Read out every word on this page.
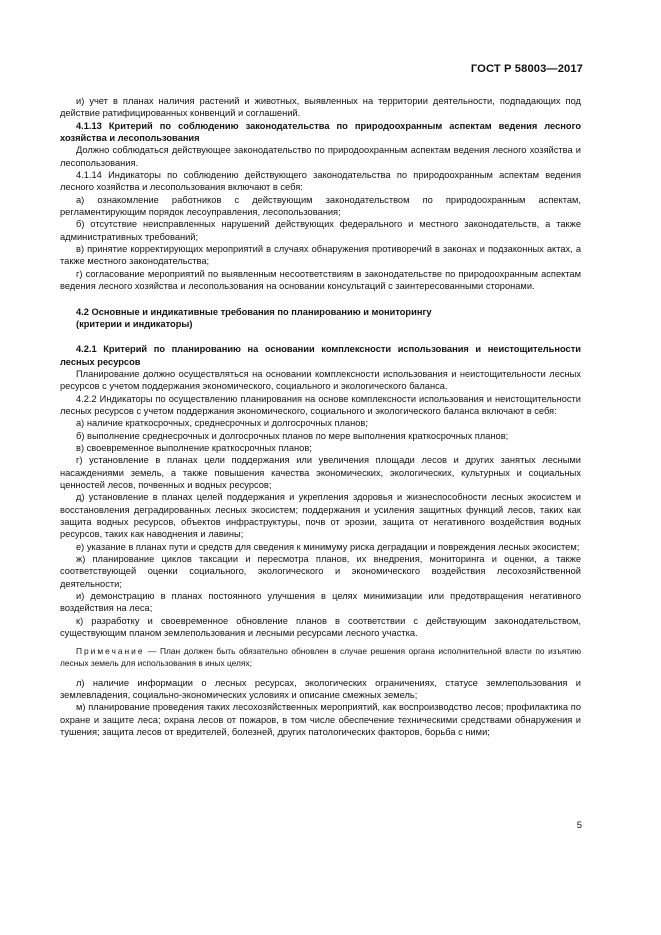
ГОСТ Р 58003—2017

и) учет в планах наличия растений и животных, выявленных на территории деятельности, подпадающих под действие ратифицированных конвенций и соглашений.

4.1.13 Критерий по соблюдению законодательства по природоохранным аспектам ведения лесного хозяйства и лесопользования

Должно соблюдаться действующее законодательство по природоохранным аспектам ведения лесного хозяйства и лесопользования.

4.1.14 Индикаторы по соблюдению действующего законодательства по природоохранным аспектам ведения лесного хозяйства и лесопользования включают в себя:

а) ознакомление работников с действующим законодательством по природоохранным аспектам, регламентирующим порядок лесоуправления, лесопользования;

б) отсутствие неисправленных нарушений действующих федерального и местного законодательств, а также административных требований;

в) принятие корректирующих мероприятий в случаях обнаружения противоречий в законах и подзаконных актах, а также местного законодательства;

г) согласование мероприятий по выявленным несоответствиям в законодательстве по природоохранным аспектам ведения лесного хозяйства и лесопользования на основании консультаций с заинтересованными сторонами.

4.2 Основные и индикативные требования по планированию и мониторингу

(критерии и индикаторы)

4.2.1 Критерий по планированию на основании комплексности использования и неистощительности лесных ресурсов

Планирование должно осуществляться на основании комплексности использования и неистощительности лесных ресурсов с учетом поддержания экономического, социального и экологического баланса.

4.2.2 Индикаторы по осуществлению планирования на основе комплексности использования и неистощительности лесных ресурсов с учетом поддержания экономического, социального и экологического баланса включают в себя:

а) наличие краткосрочных, среднесрочных и долгосрочных планов;

б) выполнение среднесрочных и долгосрочных планов по мере выполнения краткосрочных планов;

в) своевременное выполнение краткосрочных планов;

г) установление в планах цели поддержания или увеличения площади лесов и других занятых лесными насаждениями земель, а также повышения качества экономических, экологических, культурных и социальных ценностей лесов, почвенных и водных ресурсов;

д) установление в планах целей поддержания и укрепления здоровья и жизнеспособности лесных экосистем и восстановления деградированных лесных экосистем; поддержания и усиления защитных функций лесов, таких как защита водных ресурсов, объектов инфраструктуры, почв от эрозии, защита от негативного воздействия водных ресурсов, таких как наводнения и лавины;

е) указание в планах пути и средств для сведения к минимуму риска деградации и повреждения лесных экосистем;

ж) планирование циклов таксации и пересмотра планов, их внедрения, мониторинга и оценки, а также соответствующей оценки социального, экологического и экономического воздействия лесохозяйственной деятельности;

и) демонстрацию в планах постоянного улучшения в целях минимизации или предотвращения негативного воздействия на леса;

к) разработку и своевременное обновление планов в соответствии с действующим законодательством, существующим планом землепользования и лесными ресурсами лесного участка.

Примечание — План должен быть обязательно обновлен в случае решения органа исполнительной власти по изъятию лесных земель для использования в иных целях;

л) наличие информации о лесных ресурсах, экологических ограничениях, статусе землепользования и землевладения, социально-экономических условиях и описание смежных земель;

м) планирование проведения таких лесохозяйственных мероприятий, как воспроизводство лесов; профилактика по охране и защите леса; охрана лесов от пожаров, в том числе обеспечение техническими средствами обнаружения и тушения; защита лесов от вредителей, болезней, других патологических факторов, борьба с ними;

5
